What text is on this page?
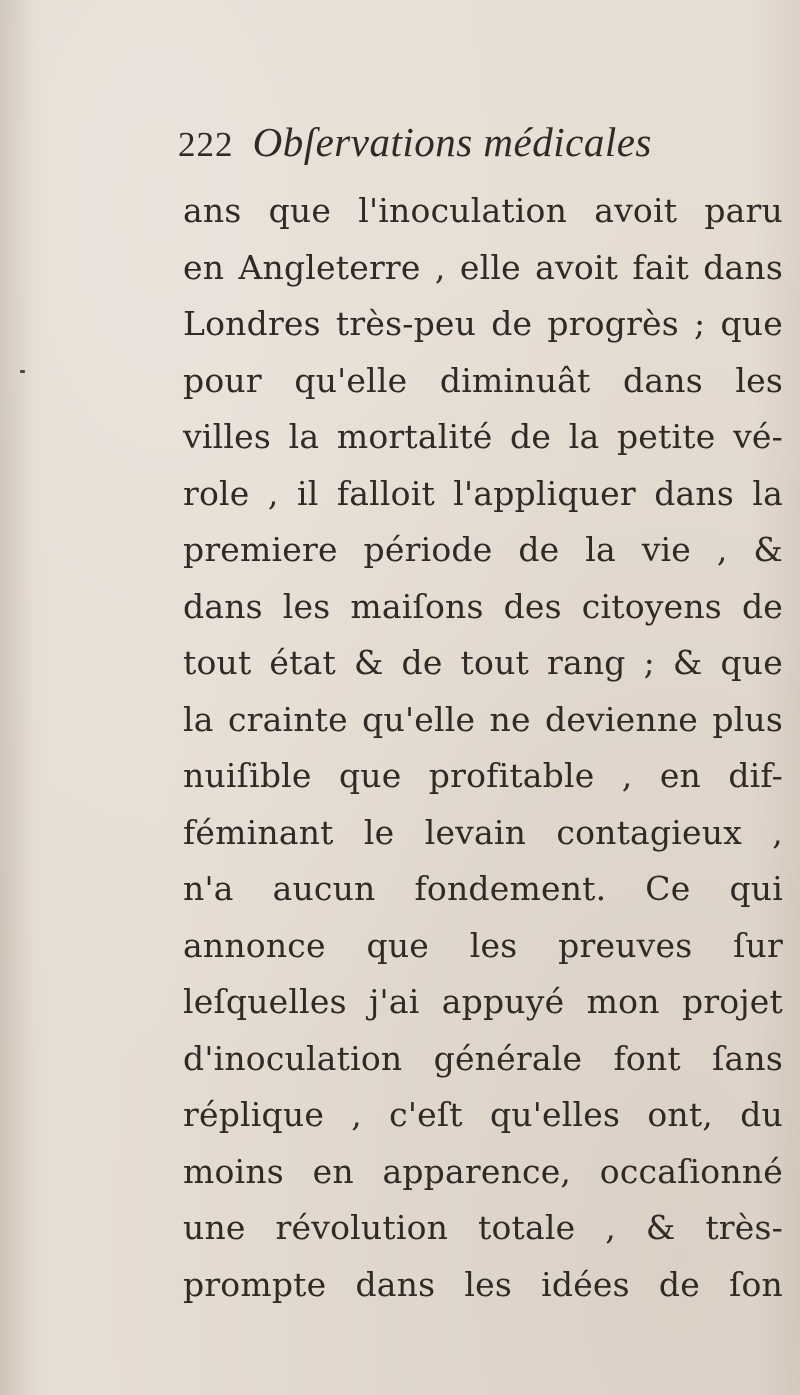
222 Obſervations médicales
ans que l'inoculation avoit paru
en Angleterre , elle avoit fait dans
Londres très-peu de progrès ; que
pour qu'elle diminuât dans les
villes la mortalité de la petite vé-
role , il falloit l'appliquer dans la
premiere période de la vie , &
dans les maiſons des citoyens de
tout état & de tout rang ; & que
la crainte qu'elle ne devienne plus
nuiſible que profitable , en dif-
féminant le levain contagieux ,
n'a aucun fondement. Ce qui
annonce que les preuves ſur
leſquelles j'ai appuyé mon projet
d'inoculation générale font ſans
réplique , c'eſt qu'elles ont, du
moins en apparence, occaſionné
une révolution totale , & très-
prompte dans les idées de ſon
